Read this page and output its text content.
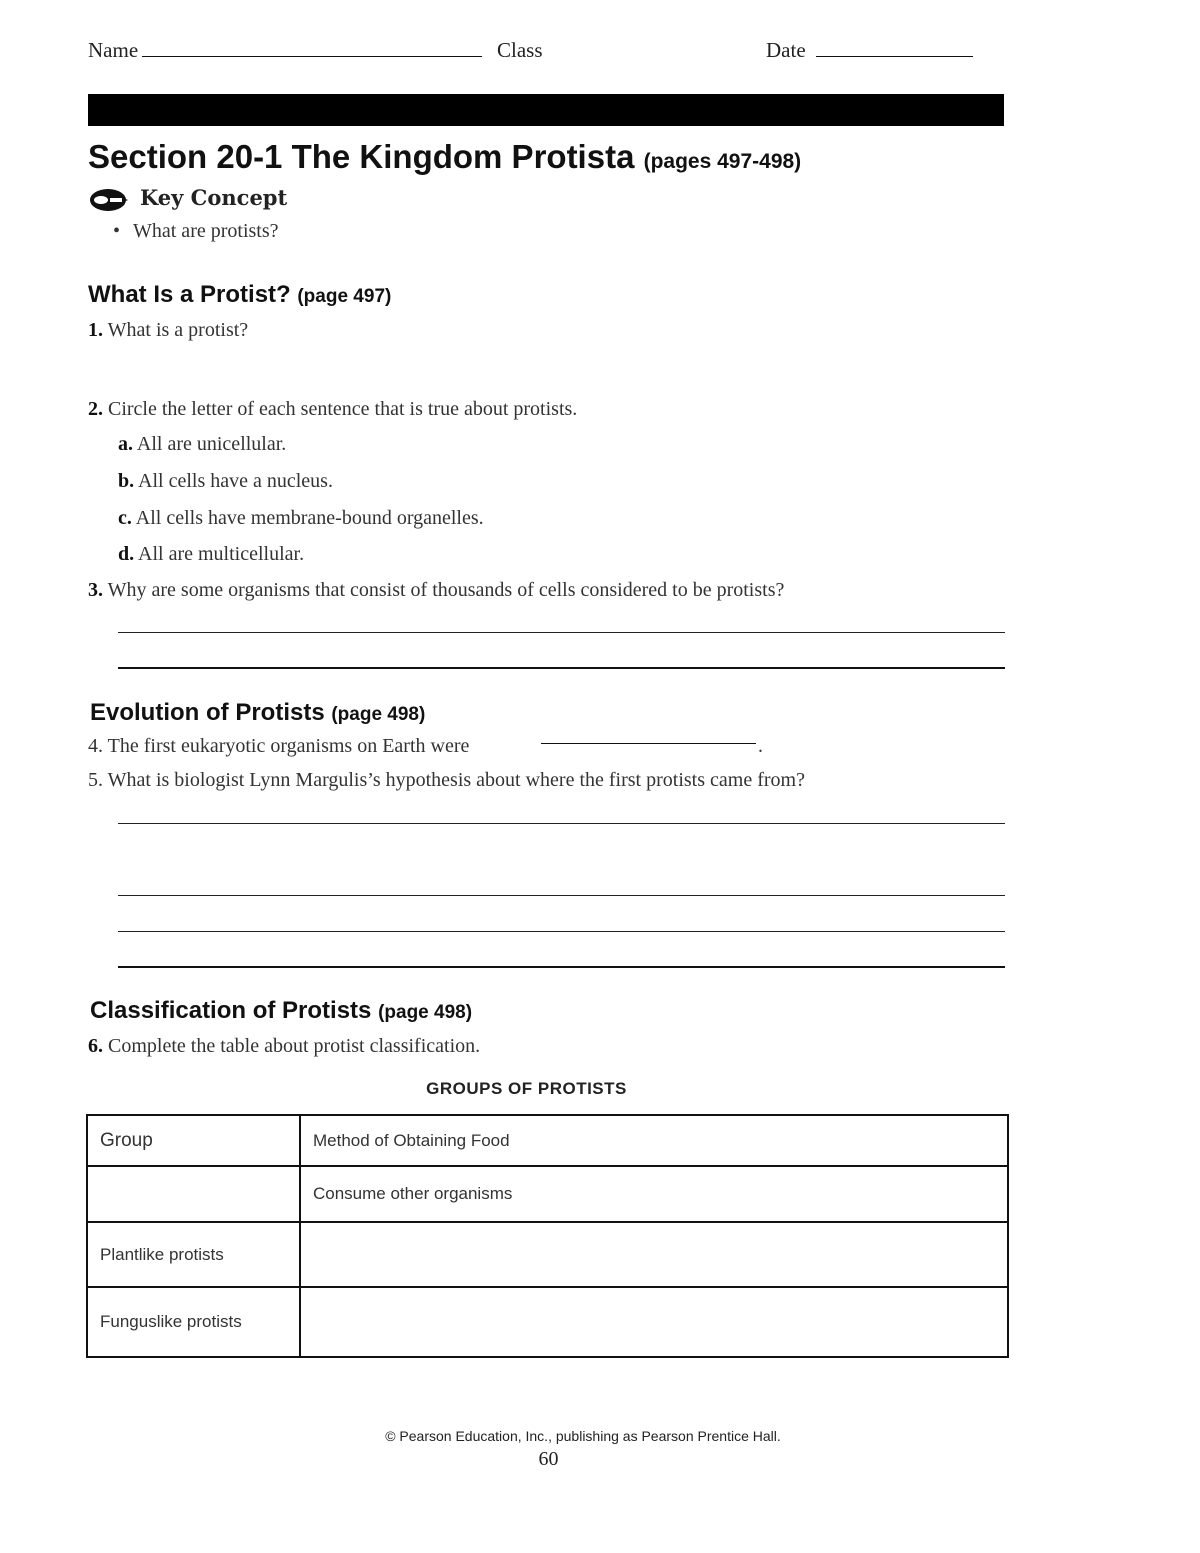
Name	Class	Date
Section 20-1 The Kingdom Protista (pages 497-498)
Key Concept
• What are protists?
What Is a Protist? (page 497)
1. What is a protist?
2. Circle the letter of each sentence that is true about protists.
a. All are unicellular.
b. All cells have a nucleus.
c. All cells have membrane-bound organelles.
d. All are multicellular.
3. Why are some organisms that consist of thousands of cells considered to be protists?
Evolution of Protists (page 498)
4. The first eukaryotic organisms on Earth were	.
5. What is biologist Lynn Margulis’s hypothesis about where the first protists came from?
Classification of Protists (page 498)
6. Complete the table about protist classification.
GROUPS OF PROTISTS
Group	Method of Obtaining Food
	Consume other organisms
Plantlike protists	
Funguslike protists	
© Pearson Education, Inc., publishing as Pearson Prentice Hall.
60
